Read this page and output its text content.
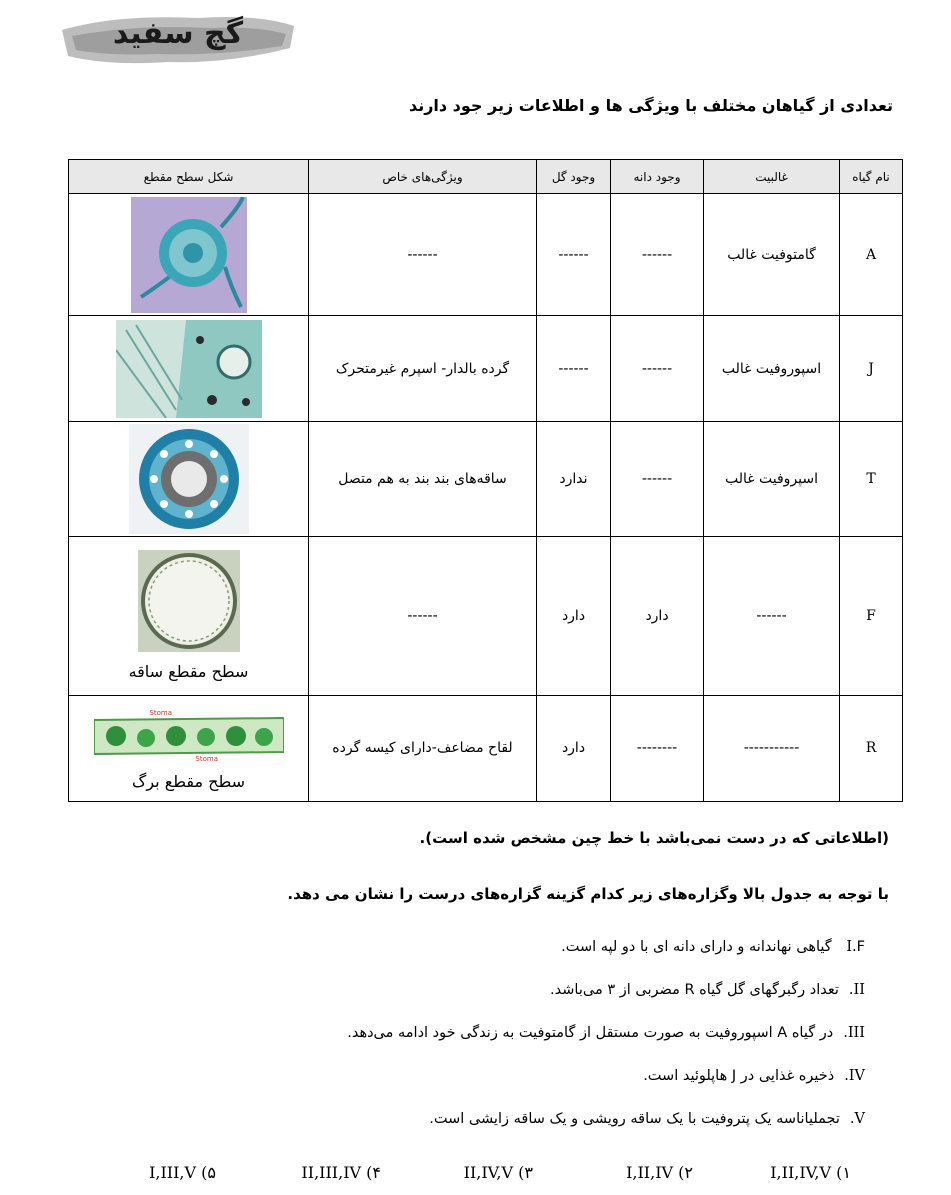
گچ سفید
تعدادی از گیاهان مختلف با ویژگی ها و اطلاعات زیر جود دارند
نام گیاه	غالبیت	وجود دانه	وجود گل	ویژگی‌های خاص	شکل سطح مقطع
A	گامتوفیت غالب	------	------	------	

J	اسپوروفیت غالب	------	------	گرده بالدار- اسپرم غیرمتحرک	

T	اسپروفیت غالب	------	ندارد	ساقه‌های بند بند به هم متصل	

F	------	دارد	دارد	------	سطح مقطع ساقه

R	-----------	--------	دارد	لقاح مضاعف-دارای کیسه گرده	Stoma
Stoma
سطح مقطع برگ
(اطلاعاتی که در دست نمی‌باشد با خط چین مشخص شده است).
با توجه به جدول بالا وگزاره‌های زیر کدام گزینه گزاره‌های درست را نشان می دهد.
I.F گیاهی نهاندانه و دارای دانه ای با دو لپه است.
II.تعداد رگبرگهای گل گیاه R مضربی از ۳ می‌باشد.
III.در گیاه A اسپوروفیت به صورت مستقل از گامتوفیت به زندگی خود ادامه می‌دهد.
IV.ذخیره غذایی در J هاپلوئید است.
V.تجملیاناسه یک پتروفیت با یک ساقه رویشی و یک ساقه زایشی است.
۱) I,II,IV,V
۲) I,II,IV
۳) II,IV,V
۴) II,III,IV
۵) I,III,V
